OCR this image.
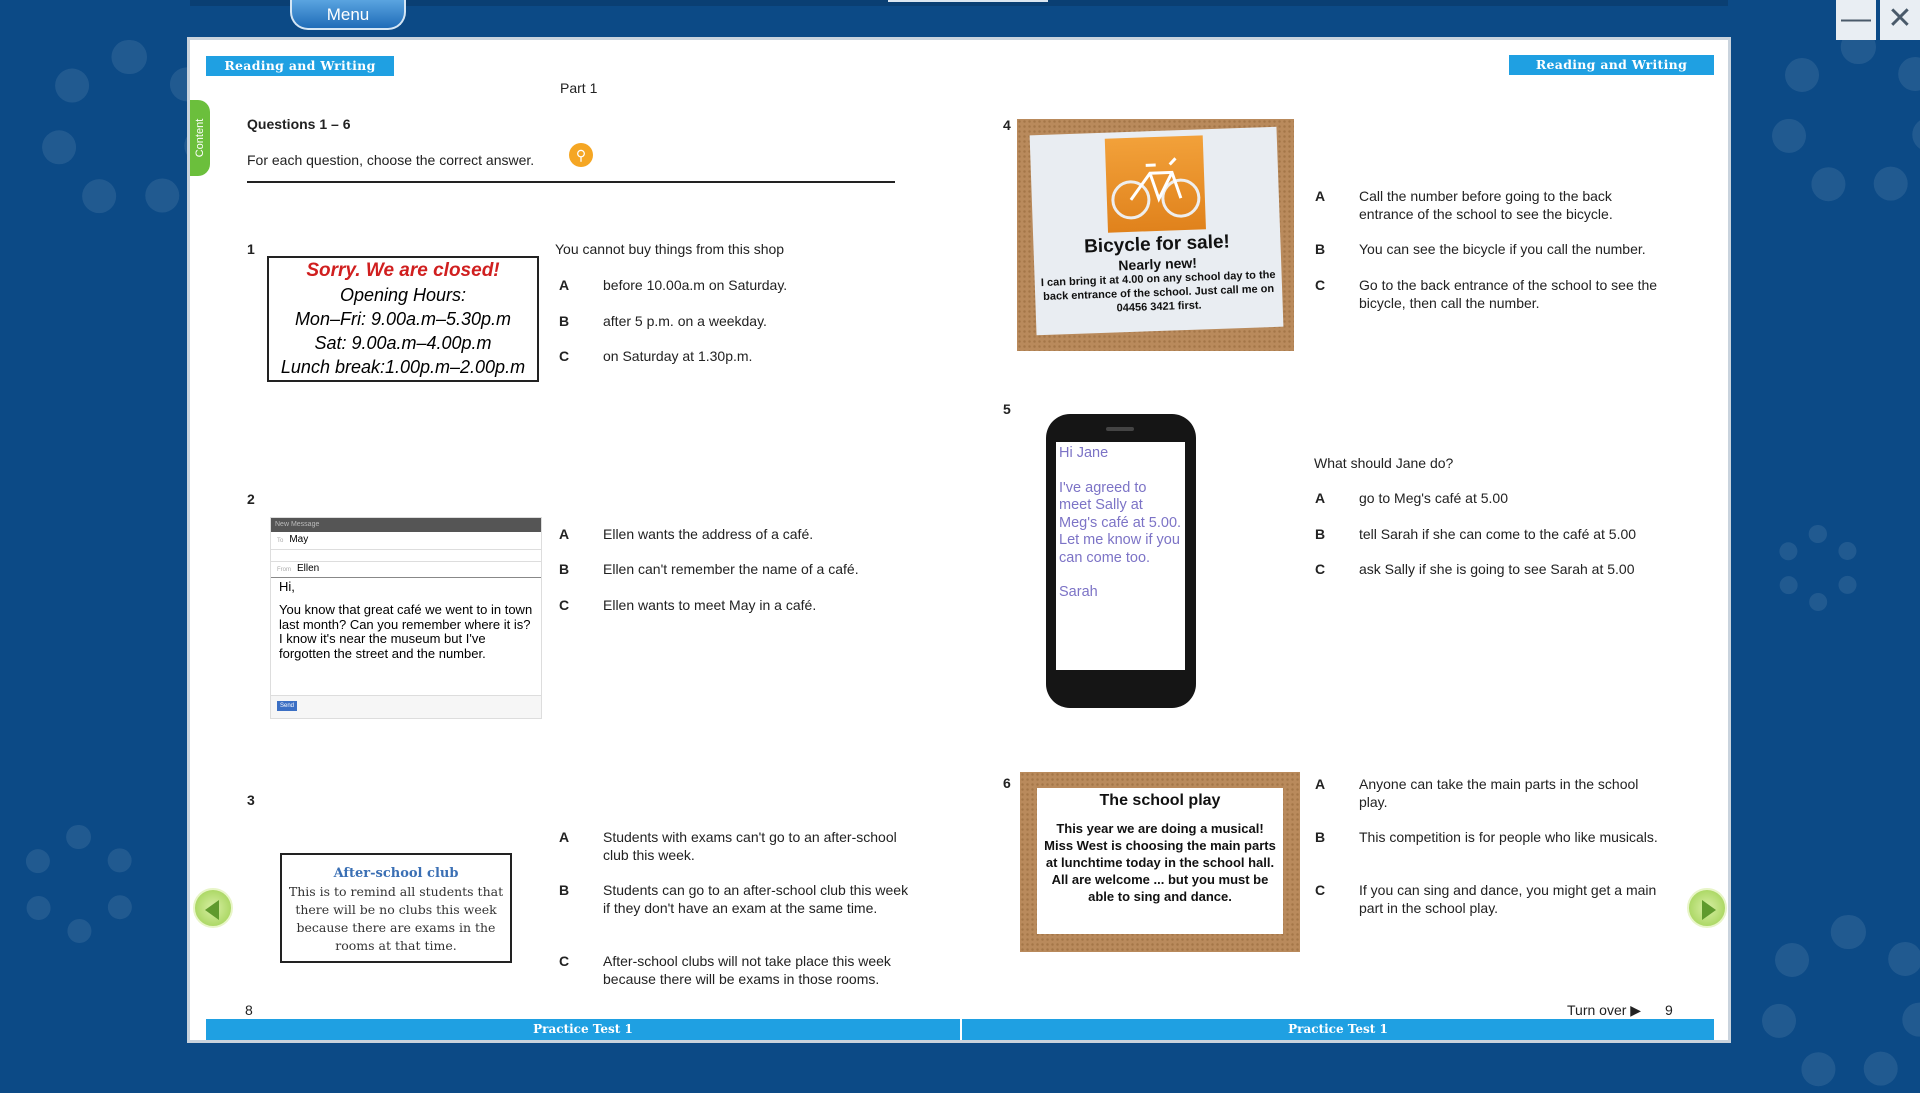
Menu	— ✕
Content
Reading and Writing
Part 1
Questions 1 – 6
For each question, choose the correct answer.	⚲
1
Sorry. We are closed!
Opening Hours:
Mon–Fri: 9.00a.m–5.30p.m
Sat: 9.00a.m–4.00p.m
Lunch break:1.00p.m–2.00p.m
You cannot buy things from this shop
A before 10.00a.m on Saturday.
B after 5 p.m. on a weekday.
C on Saturday at 1.30p.m.
2
New Message
To May
From Ellen
Hi,
You know that great café we went to in town last month? Can you remember where it is? I know it's near the museum but I've forgotten the street and the number.
Send
A Ellen wants the address of a café.
B Ellen can't remember the name of a café.
C Ellen wants to meet May in a café.
3
After-school club
This is to remind all students that there will be no clubs this week because there are exams in the rooms at that time.
A Students with exams can't go to an after-school club this week.
B Students can go to an after-school club this week if they don't have an exam at the same time.
C After-school clubs will not take place this week because there will be exams in those rooms.
8
Practice Test 1
Reading and Writing
4
Bicycle for sale!
Nearly new!
I can bring it at 4.00 on any school day to the back entrance of the school. Just call me on 04456 3421 first.
A Call the number before going to the back entrance of the school to see the bicycle.
B You can see the bicycle if you call the number.
C Go to the back entrance of the school to see the bicycle, then call the number.
5
Hi Jane
I've agreed to meet Sally at Meg's café at 5.00. Let me know if you can come too.
Sarah
What should Jane do?
A go to Meg's café at 5.00
B tell Sarah if she can come to the café at 5.00
C ask Sally if she is going to see Sarah at 5.00
6
The school play
This year we are doing a musical! Miss West is choosing the main parts at lunchtime today in the school hall. All are welcome ... but you must be able to sing and dance.
A Anyone can take the main parts in the school play.
B This competition is for people who like musicals.
C If you can sing and dance, you might get a main part in the school play.
Turn over ▶ 9
Practice Test 1
